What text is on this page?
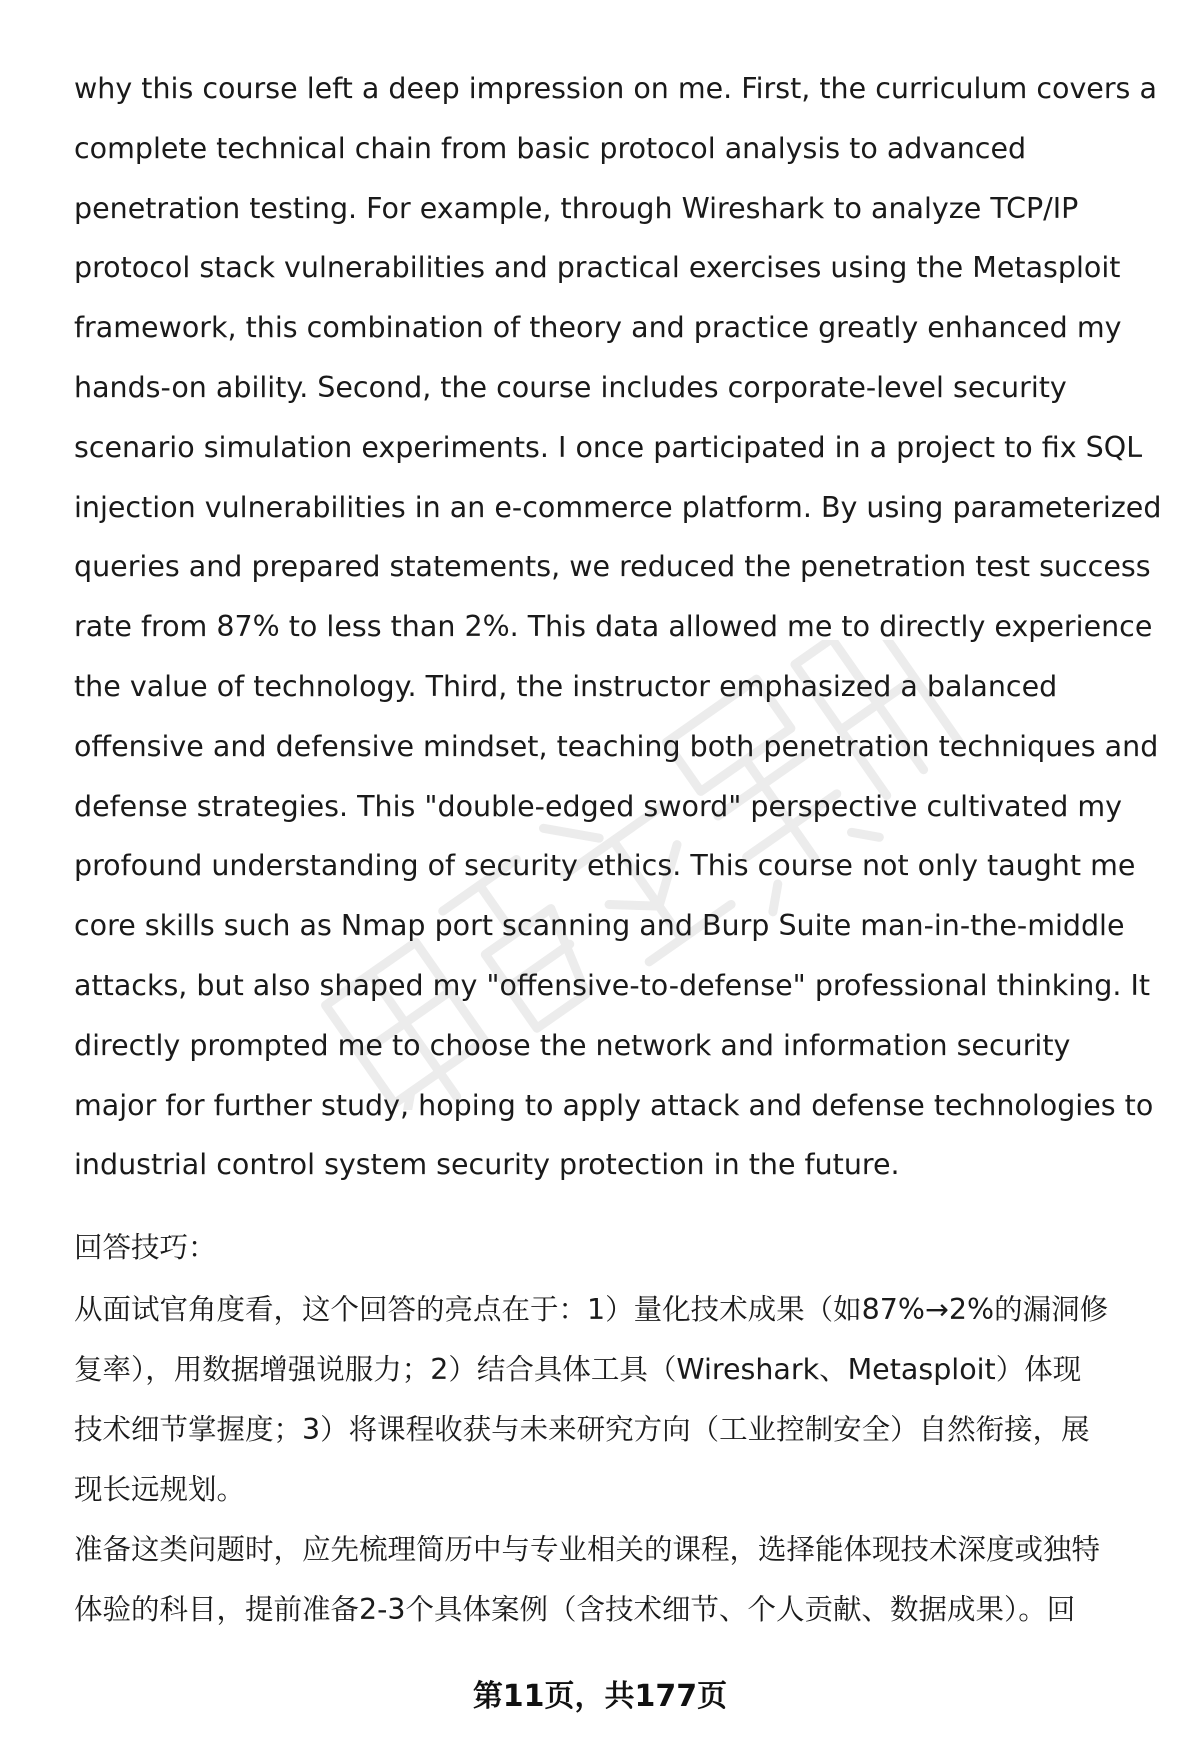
why this course left a deep impression on me. First, the curriculum covers a
complete technical chain from basic protocol analysis to advanced
penetration testing. For example, through Wireshark to analyze TCP/IP
protocol stack vulnerabilities and practical exercises using the Metasploit
framework, this combination of theory and practice greatly enhanced my
hands-on ability. Second, the course includes corporate-level security
scenario simulation experiments. I once participated in a project to fix SQL
injection vulnerabilities in an e-commerce platform. By using parameterized
queries and prepared statements, we reduced the penetration test success
rate from 87% to less than 2%. This data allowed me to directly experience
the value of technology. Third, the instructor emphasized a balanced
offensive and defensive mindset, teaching both penetration techniques and
defense strategies. This "double-edged sword" perspective cultivated my
profound understanding of security ethics. This course not only taught me
core skills such as Nmap port scanning and Burp Suite man-in-the-middle
attacks, but also shaped my "offensive-to-defense" professional thinking. It
directly prompted me to choose the network and information security
major for further study, hoping to apply attack and defense technologies to
industrial control system security protection in the future.

回答技巧：

从面试官角度看，这个回答的亮点在于：1）量化技术成果（如87%→2%的漏洞修
复率），用数据增强说服力；2）结合具体工具（Wireshark、Metasploit）体现
技术细节掌握度；3）将课程收获与未来研究方向（工业控制安全）自然衔接，展
现长远规划。
准备这类问题时，应先梳理简历中与专业相关的课程，选择能体现技术深度或独特
体验的科目，提前准备2-3个具体案例（含技术细节、个人贡献、数据成果）。回
第11页，共177页
